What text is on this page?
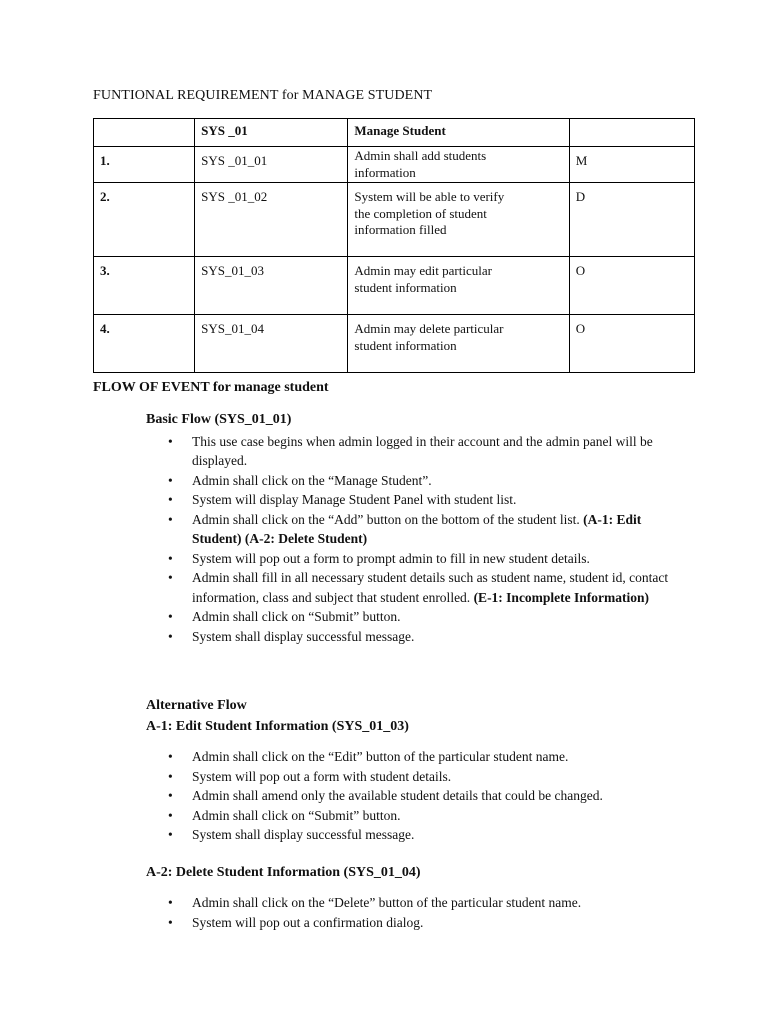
FUNTIONAL REQUIREMENT for MANAGE STUDENT
	SYS _01	Manage Student	
1.	SYS _01_01	Admin shall add students information	M
2.	SYS _01_02	System will be able to verify the completion of student information filled	D
3.	SYS_01_03	Admin may edit particular student information	O
4.	SYS_01_04	Admin may delete particular student information	O
FLOW OF EVENT for manage student
Basic Flow (SYS_01_01)
• This use case begins when admin logged in their account and the admin panel will be displayed.
• Admin shall click on the “Manage Student”.
• System will display Manage Student Panel with student list.
• Admin shall click on the “Add” button on the bottom of the student list. (A-1: Edit Student) (A-2: Delete Student)
• System will pop out a form to prompt admin to fill in new student details.
• Admin shall fill in all necessary student details such as student name, student id, contact information, class and subject that student enrolled. (E-1: Incomplete Information)
• Admin shall click on “Submit” button.
• System shall display successful message.
Alternative Flow
A-1: Edit Student Information (SYS_01_03)
• Admin shall click on the “Edit” button of the particular student name.
• System will pop out a form with student details.
• Admin shall amend only the available student details that could be changed.
• Admin shall click on “Submit” button.
• System shall display successful message.
A-2: Delete Student Information (SYS_01_04)
• Admin shall click on the “Delete” button of the particular student name.
• System will pop out a confirmation dialog.
